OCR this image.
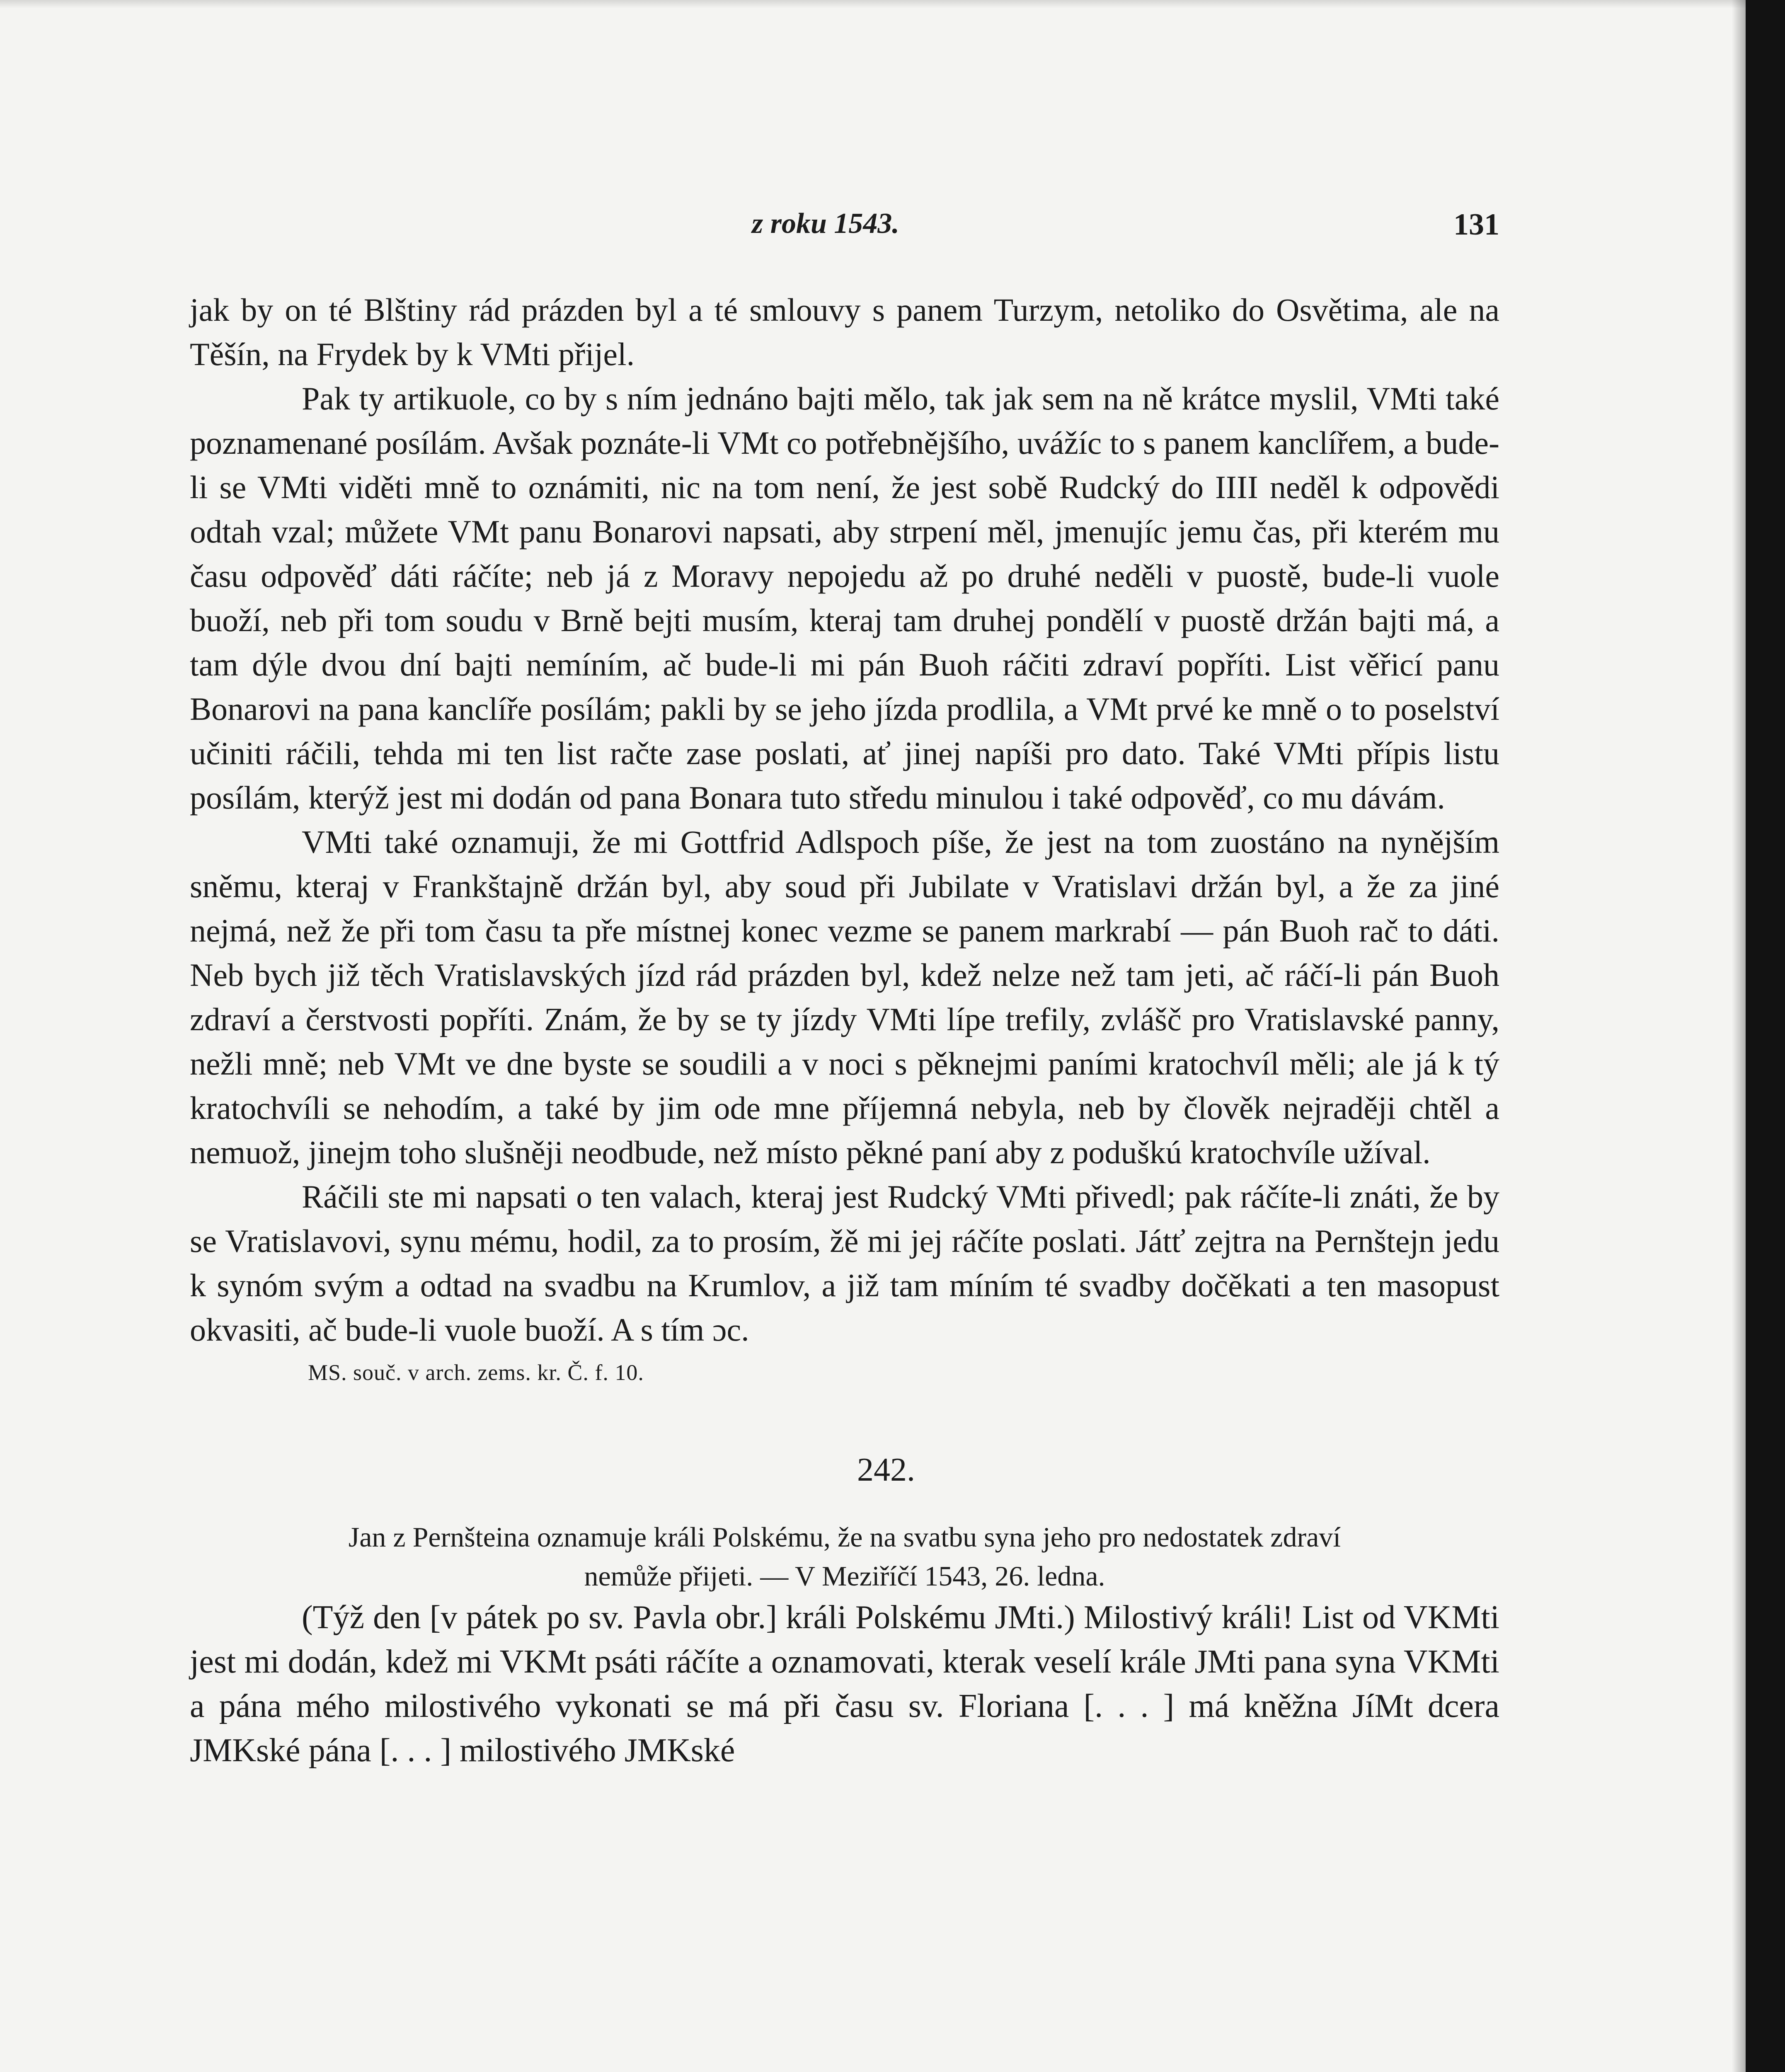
z roku 1543.	131

jak by on té Blštiny rád prázden byl a té smlouvy s panem Turzym, netoliko do Osvětima, ale na Těšín, na Frydek by k VMti přijel.

Pak ty artikuole, co by s ním jednáno bajti mělo, tak jak sem na ně krátce myslil, VMti také poznamenané posílám. Avšak poznáte-li VMt co potřebnějšího, uvážíc to s panem kanclířem, a bude-li se VMti viděti mně to oznámiti, nic na tom není, že jest sobě Rudcký do IIII neděl k odpovědi odtah vzal; můžete VMt panu Bonarovi napsati, aby strpení měl, jmenujíc jemu čas, při kterém mu času odpověď dáti ráčíte; neb já z Moravy nepojedu až po druhé neděli v puostě, bude-li vuole buoží, neb při tom soudu v Brně bejti musím, kteraj tam druhej pondělí v puostě držán bajti má, a tam dýle dvou dní bajti nemíním, ač bude-li mi pán Buoh ráčiti zdraví popříti. List věřicí panu Bonarovi na pana kanclíře posílám; pakli by se jeho jízda prodlila, a VMt prvé ke mně o to poselství učiniti ráčili, tehda mi ten list račte zase poslati, ať jinej napíši pro dato. Také VMti přípis listu posílám, kterýž jest mi dodán od pana Bonara tuto středu minulou i také odpověď, co mu dávám.

VMti také oznamuji, že mi Gottfrid Adlspoch píše, že jest na tom zuostáno na nynějším sněmu, kteraj v Frankštajně držán byl, aby soud při Jubilate v Vratislavi držán byl, a že za jiné nejmá, než že při tom času ta pře místnej konec vezme se panem markrabí — pán Buoh rač to dáti. Neb bych již těch Vratislavských jízd rád prázden byl, kdež nelze než tam jeti, ač ráčí-li pán Buoh zdraví a čerstvosti popříti. Znám, že by se ty jízdy VMti lípe trefily, zvlášč pro Vratislavské panny, nežli mně; neb VMt ve dne byste se soudili a v noci s pěknejmi paními kratochvíl měli; ale já k tý kratochvíli se nehodím, a také by jim ode mne příjemná nebyla, neb by člověk nejraději chtěl a nemuož, jinejm toho slušněji neodbude, než místo pěkné paní aby z poduškú kratochvíle užíval.

Ráčili ste mi napsati o ten valach, kteraj jest Rudcký VMti přivedl; pak ráčíte-li znáti, že by se Vratislavovi, synu mému, hodil, za to prosím, žě mi jej ráčíte poslati. Játť zejtra na Pernštejn jedu k synóm svým a odtad na svadbu na Krumlov, a již tam míním té svadby dočěkati a ten masopust okvasiti, ač bude-li vuole buoží. A s tím ɔc.

MS. souč. v arch. zems. kr. Č. f. 10.
242.
Jan z Pernšteina oznamuje králi Polskému, že na svatbu syna jeho pro nedostatek zdraví
nemůže přijeti. — V Meziříčí 1543, 26. ledna.

(Týž den [v pátek po sv. Pavla obr.] králi Polskému JMti.) Milostivý králi! List od VKMti jest mi dodán, kdež mi VKMt psáti ráčíte a oznamovati, kterak veselí krále JMti pana syna VKMti a pána mého milostivého vykonati se má při času sv. Floriana [. . . ] má kněžna JíMt dcera JMKské pána [. . . ] milostivého JMKské
